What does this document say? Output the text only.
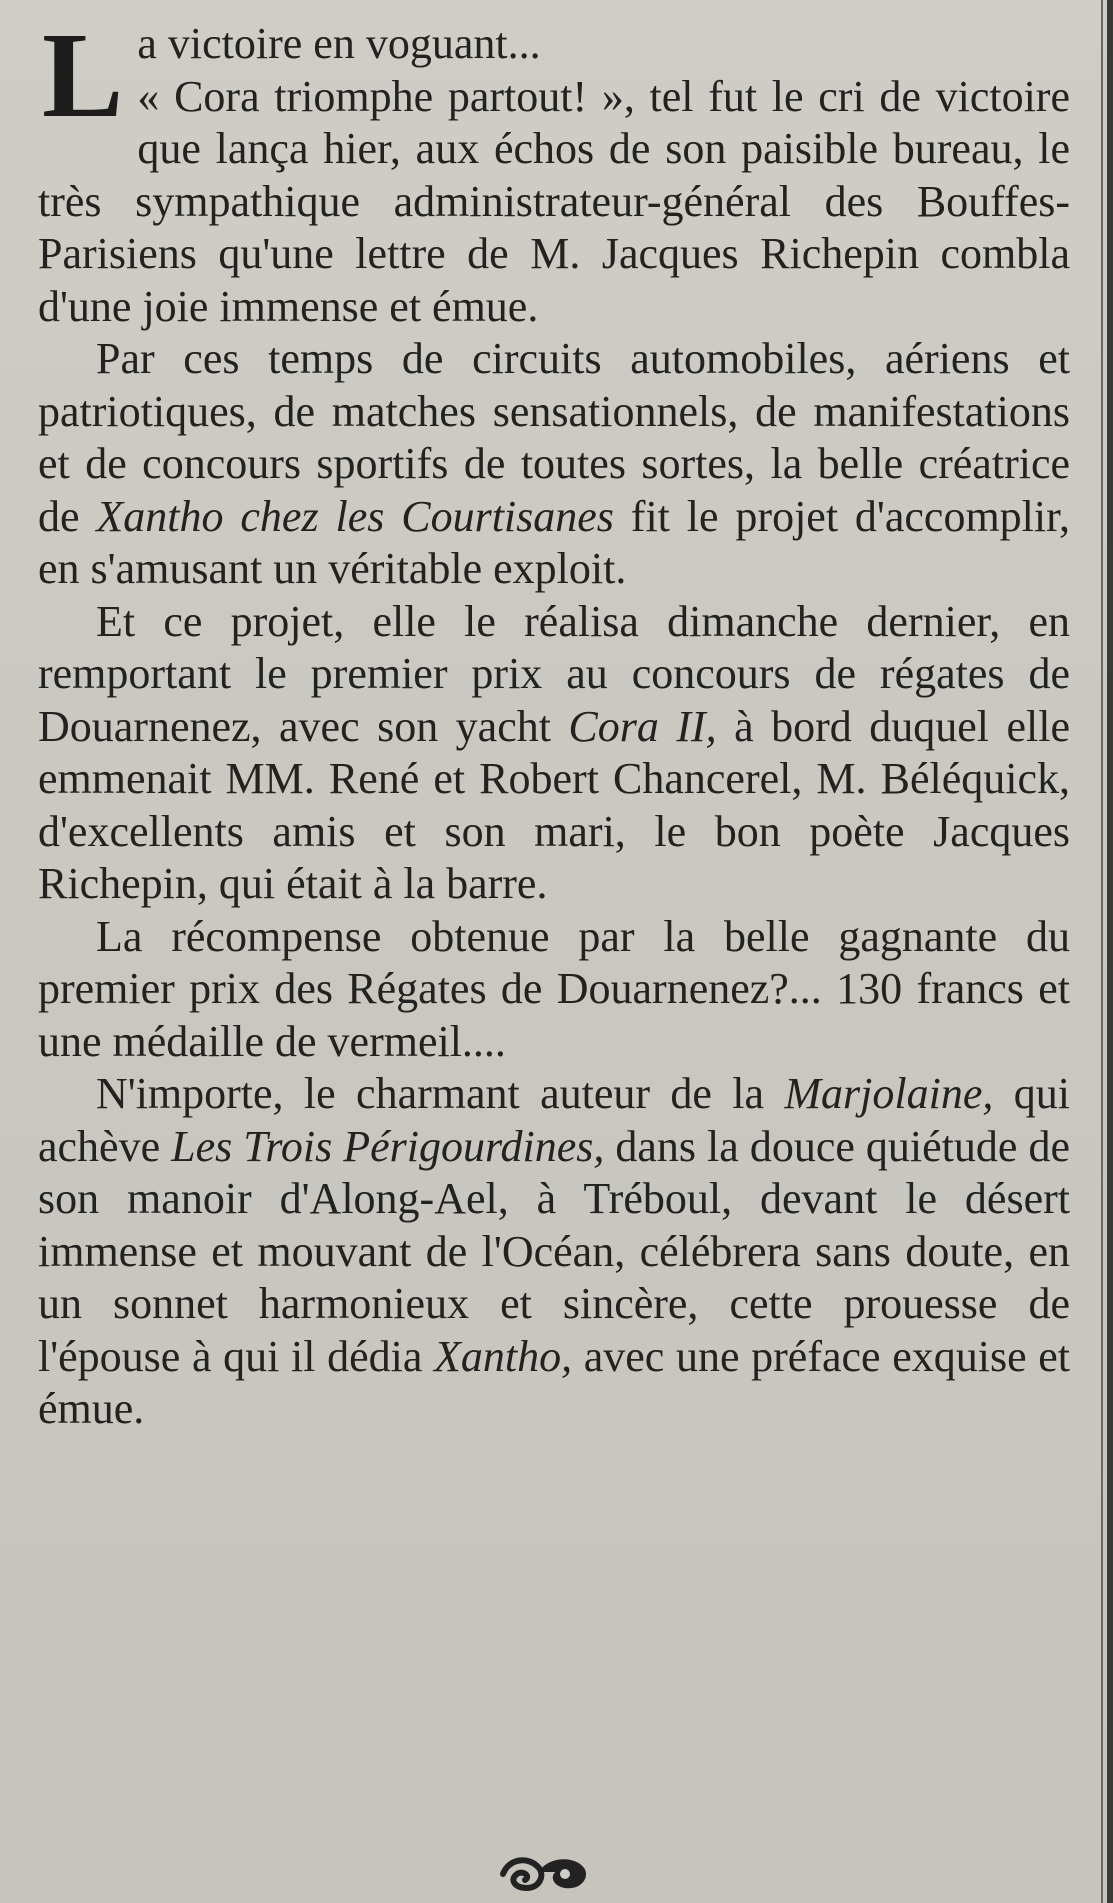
L a victoire en voguant...
« Cora triomphe partout! », tel fut le cri de victoire que lança hier, aux échos de son paisible bureau, le très sympathique administrateur-général des Bouffes-Parisiens qu'une lettre de M. Jacques Richepin combla d'une joie immense et émue.

Par ces temps de circuits automobiles, aériens et patriotiques, de matches sensationnels, de manifestations et de concours sportifs de toutes sortes, la belle créatrice de Xantho chez les Courtisanes fit le projet d'accomplir, en s'amusant un véritable exploit.

Et ce projet, elle le réalisa dimanche dernier, en remportant le premier prix au concours de régates de Douarnenez, avec son yacht Cora II, à bord duquel elle emmenait MM. René et Robert Chancerel, M. Béléquick, d'excellents amis et son mari, le bon poète Jacques Richepin, qui était à la barre.

La récompense obtenue par la belle gagnante du premier prix des Régates de Douarnenez?... 130 francs et une médaille de vermeil....

N'importe, le charmant auteur de la Marjolaine, qui achève Les Trois Périgourdines, dans la douce quiétude de son manoir d'Along-Ael, à Tréboul, devant le désert immense et mouvant de l'Océan, célébrera sans doute, en un sonnet harmonieux et sincère, cette prouesse de l'épouse à qui il dédia Xantho, avec une préface exquise et émue.
